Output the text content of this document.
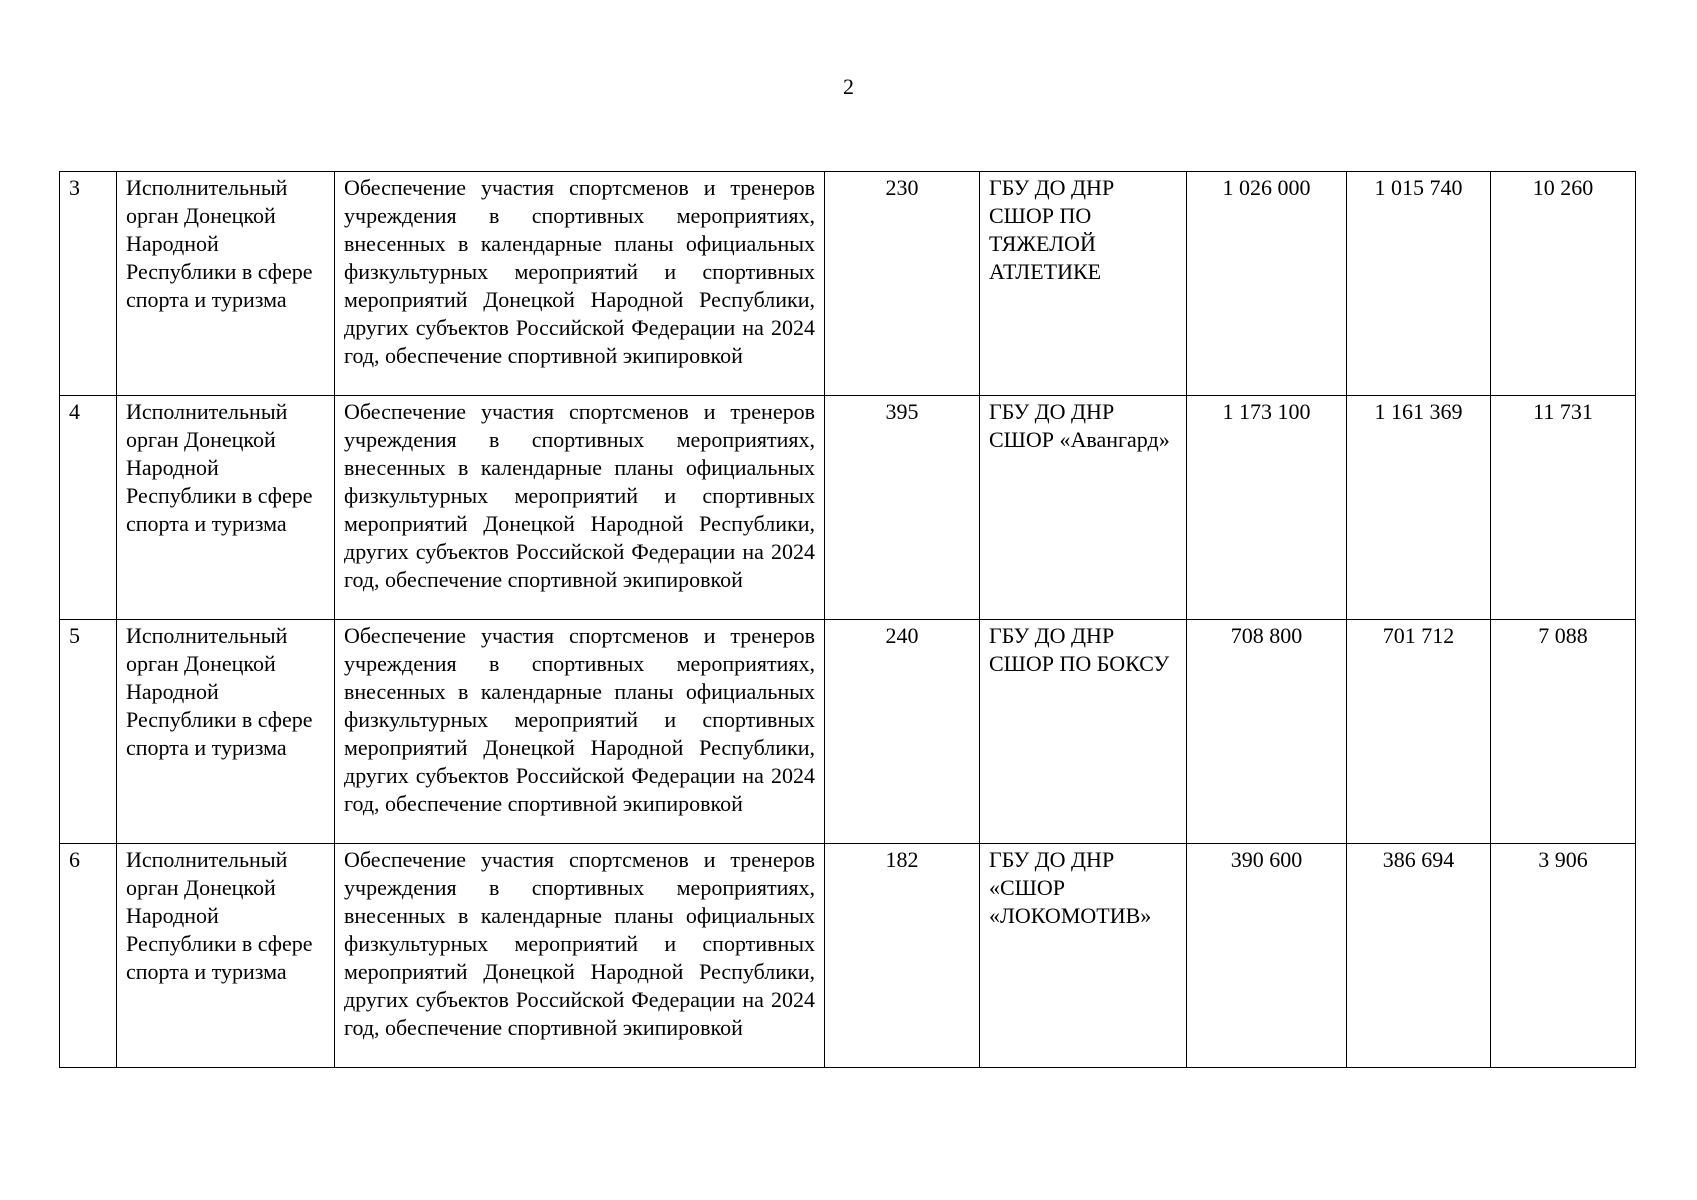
2
3	Исполнительный орган Донецкой Народной Республики в сфере спорта и туризма	Обеспечение участия спортсменов и тренеров учреждения в спортивных мероприятиях, внесенных в календарные планы официальных физкультурных мероприятий и спортивных мероприятий Донецкой Народной Республики, других субъектов Российской Федерации на 2024 год, обеспечение спортивной экипировкой	230	ГБУ ДО ДНР СШОР ПО ТЯЖЕЛОЙ АТЛЕТИКЕ	1 026 000	1 015 740	10 260
4	Исполнительный орган Донецкой Народной Республики в сфере спорта и туризма	Обеспечение участия спортсменов и тренеров учреждения в спортивных мероприятиях, внесенных в календарные планы официальных физкультурных мероприятий и спортивных мероприятий Донецкой Народной Республики, других субъектов Российской Федерации на 2024 год, обеспечение спортивной экипировкой	395	ГБУ ДО ДНР СШОР «Авангард»	1 173 100	1 161 369	11 731
5	Исполнительный орган Донецкой Народной Республики в сфере спорта и туризма	Обеспечение участия спортсменов и тренеров учреждения в спортивных мероприятиях, внесенных в календарные планы официальных физкультурных мероприятий и спортивных мероприятий Донецкой Народной Республики, других субъектов Российской Федерации на 2024 год, обеспечение спортивной экипировкой	240	ГБУ ДО ДНР СШОР ПО БОКСУ	708 800	701 712	7 088
6	Исполнительный орган Донецкой Народной Республики в сфере спорта и туризма	Обеспечение участия спортсменов и тренеров учреждения в спортивных мероприятиях, внесенных в календарные планы официальных физкультурных мероприятий и спортивных мероприятий Донецкой Народной Республики, других субъектов Российской Федерации на 2024 год, обеспечение спортивной экипировкой	182	ГБУ ДО ДНР «СШОР «ЛОКОМОТИВ»	390 600	386 694	3 906
